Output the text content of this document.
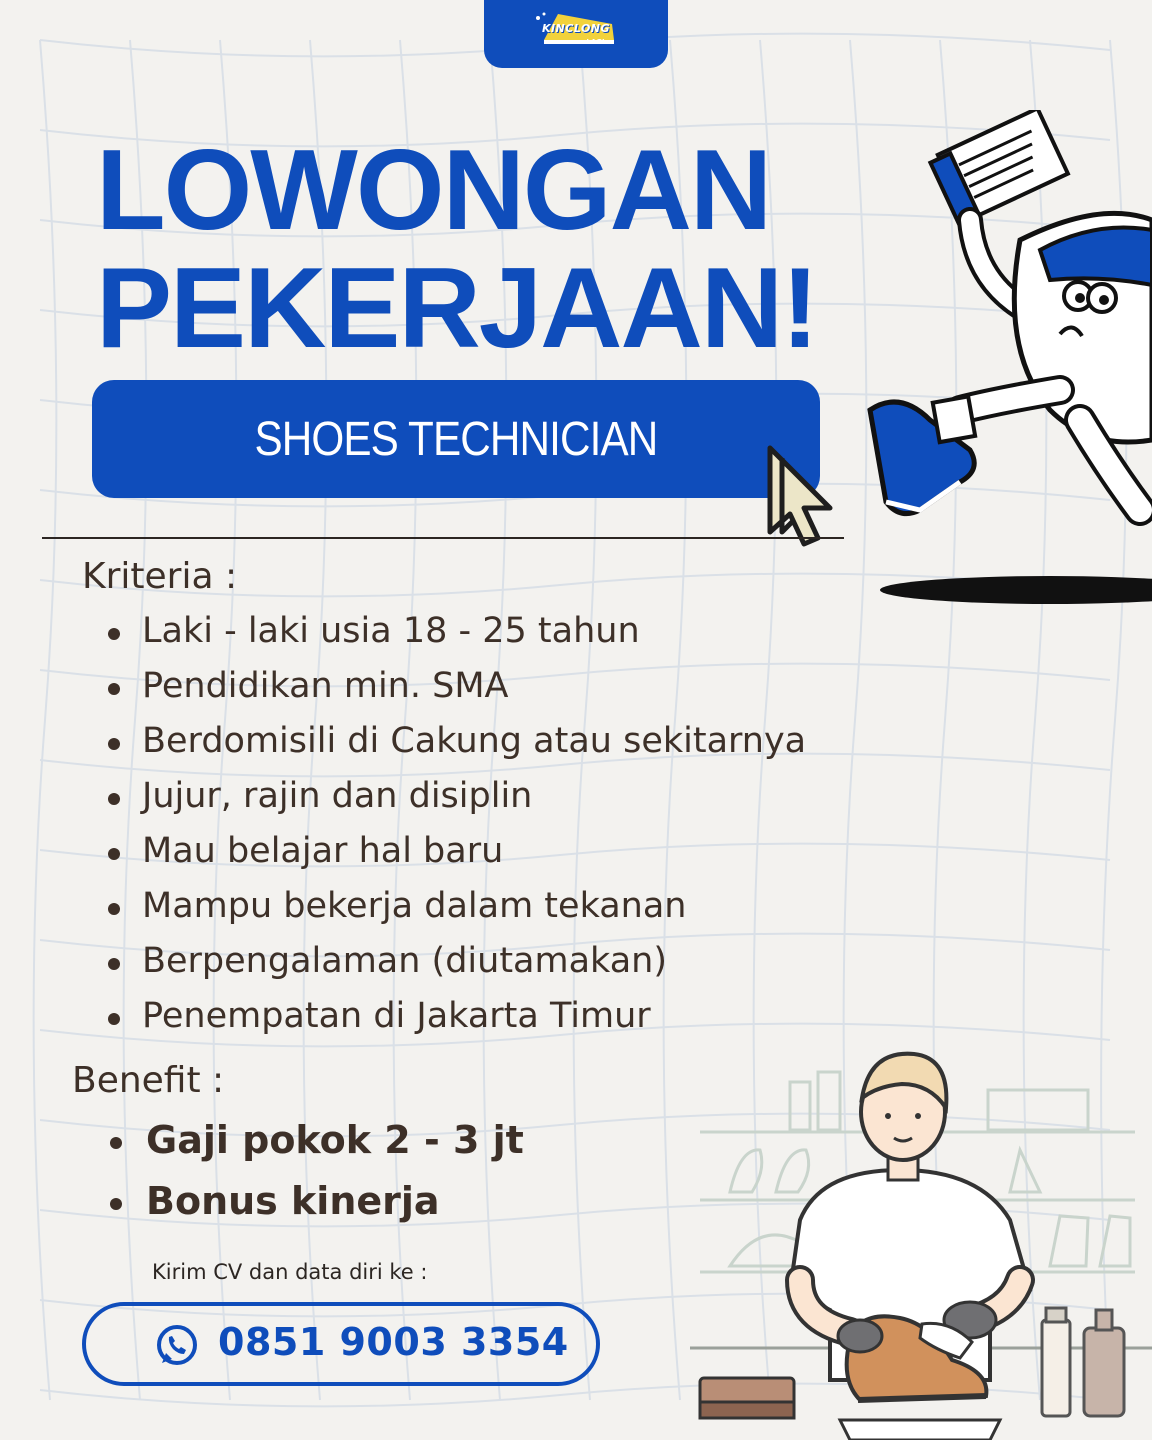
KINCLONG
LAGI
LOWONGAN
PEKERJAAN!
SHOES TECHNICIAN
Kriteria :
Laki - laki usia 18 - 25 tahun
Pendidikan min. SMA
Berdomisili di Cakung atau sekitarnya
Jujur, rajin dan disiplin
Mau belajar hal baru
Mampu bekerja dalam tekanan
Berpengalaman (diutamakan)
Penempatan di Jakarta Timur
Benefit :
Gaji pokok 2 - 3 jt
Bonus kinerja
Kirim CV dan data diri ke :
0851 9003 3354
